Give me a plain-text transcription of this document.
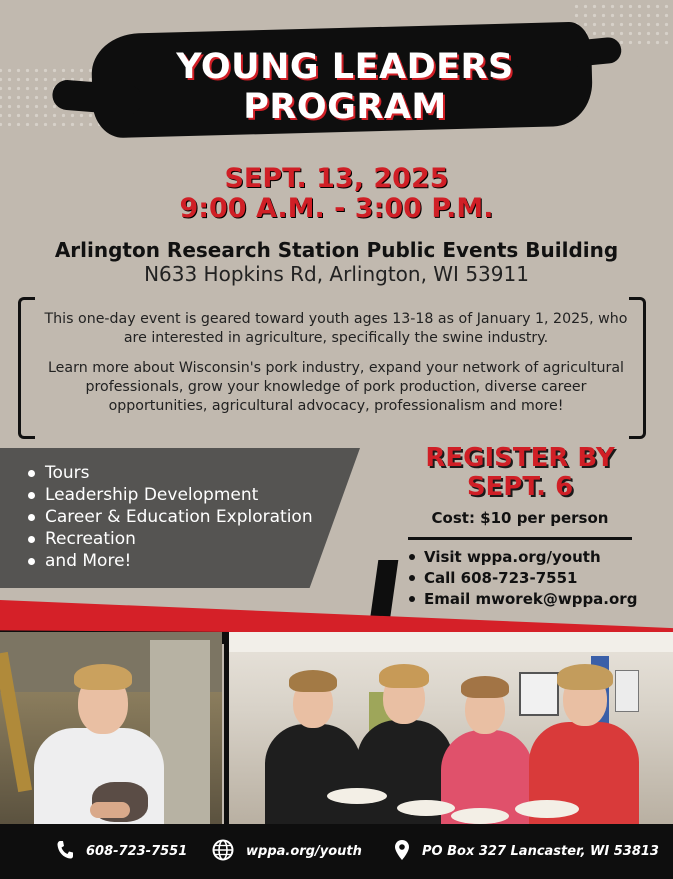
YOUNG LEADERS
PROGRAM
SEPT. 13, 2025
9:00 A.M. - 3:00 P.M.
Arlington Research Station Public Events Building
N633 Hopkins Rd, Arlington, WI 53911
This one-day event is geared toward youth ages 13-18 as of January 1, 2025, who are interested in agriculture, specifically the swine industry.
Learn more about Wisconsin's pork industry, expand your network of agricultural professionals, grow your knowledge of pork production, diverse career opportunities, agricultural advocacy, professionalism and more!
Tours
Leadership Development
Career & Education Exploration
Recreation
and More!
REGISTER BY
SEPT. 6
Cost: $10 per person
Visit wppa.org/youth
Call 608-723-7551
Email mworek@wppa.org
608-723-7551	wppa.org/youth	PO Box 327 Lancaster, WI 53813
